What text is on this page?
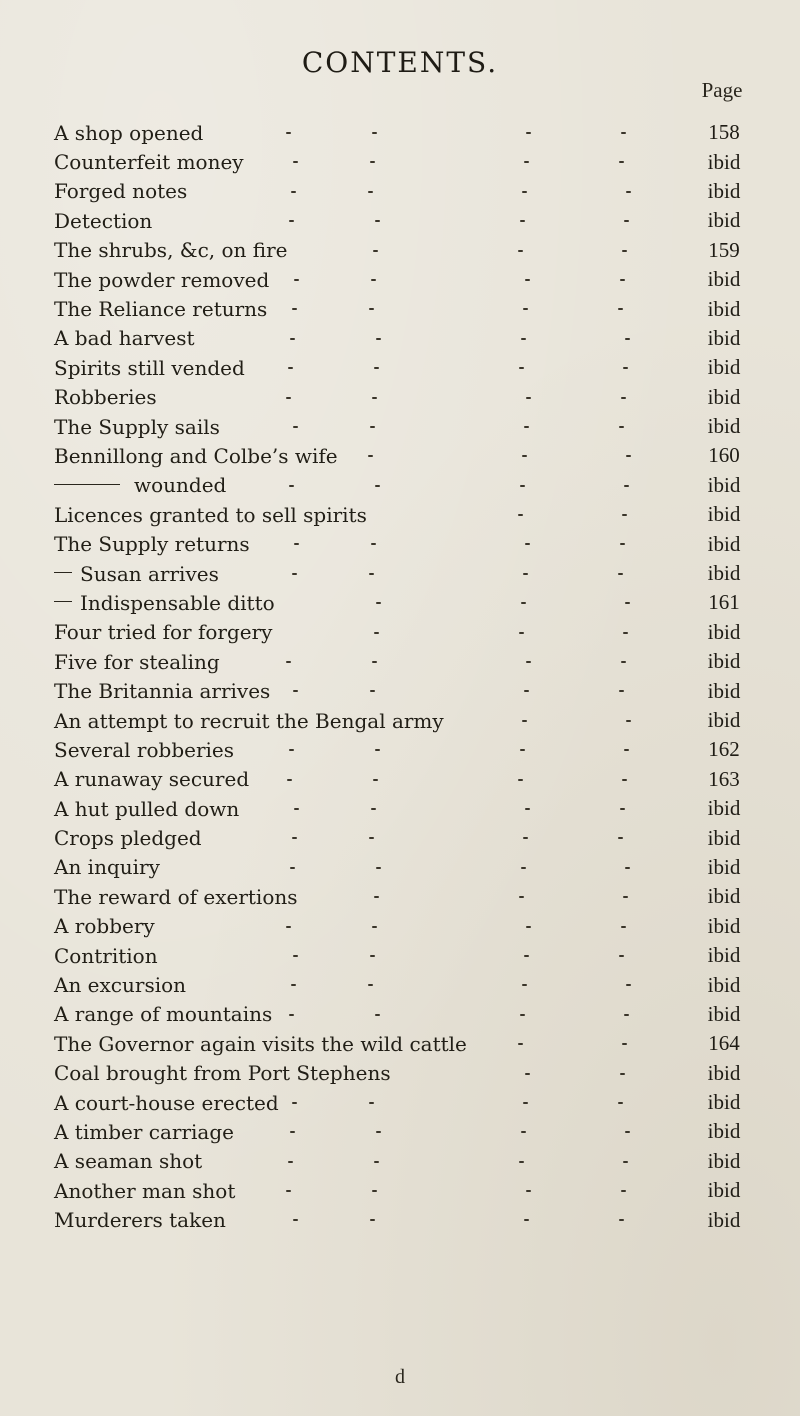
CONTENTS.
Page
A shop opened	158
Counterfeit money	ibid
Forged notes	ibid
Detection	ibid
The shrubs, &c, on fire	159
The powder removed	ibid
The Reliance returns	ibid
A bad harvest	ibid
Spirits still vended	ibid
Robberies	ibid
The Supply sails	ibid
Bennillong and Colbe’s wife	160
wounded	ibid
Licences granted to sell spirits	ibid
The Supply returns	ibid
Susan arrives	ibid
Indispensable ditto	161
Four tried for forgery	ibid
Five for stealing	ibid
The Britannia arrives	ibid
An attempt to recruit the Bengal army	ibid
Several robberies	162
A runaway secured	163
A hut pulled down	ibid
Crops pledged	ibid
An inquiry	ibid
The reward of exertions	ibid
A robbery	ibid
Contrition	ibid
An excursion	ibid
A range of mountains	ibid
The Governor again visits the wild cattle	164
Coal brought from Port Stephens	ibid
A court-house erected	ibid
A timber carriage	ibid
A seaman shot	ibid
Another man shot	ibid
Murderers taken	ibid
d
